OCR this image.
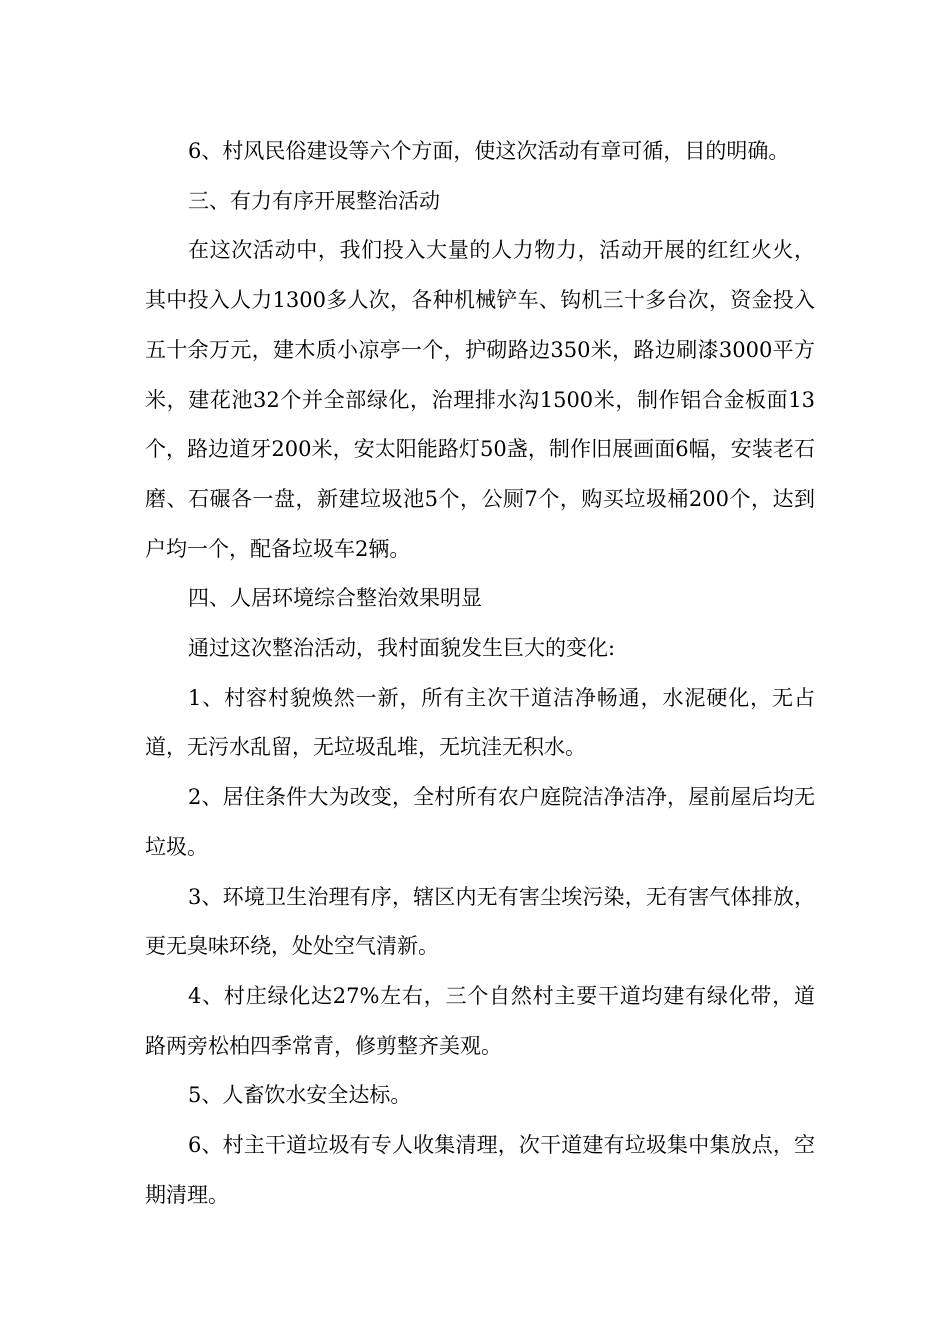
6、村风民俗建设等六个方面，使这次活动有章可循，目的明确。

三、有力有序开展整治活动

在这次活动中，我们投入大量的人力物力，活动开展的红红火火，其中投入人力1300多人次，各种机械铲车、钩机三十多台次，资金投入五十余万元，建木质小凉亭一个，护砌路边350米，路边刷漆3000平方米，建花池32个并全部绿化，治理排水沟1500米，制作铝合金板面13个，路边道牙200米，安太阳能路灯50盏，制作旧展画面6幅，安装老石磨、石碾各一盘，新建垃圾池5个，公厕7个，购买垃圾桶200个，达到户均一个，配备垃圾车2辆。

四、人居环境综合整治效果明显

通过这次整治活动，我村面貌发生巨大的变化:

1、村容村貌焕然一新，所有主次干道洁净畅通，水泥硬化，无占道，无污水乱留，无垃圾乱堆，无坑洼无积水。

2、居住条件大为改变，全村所有农户庭院洁净洁净，屋前屋后均无垃圾。

3、环境卫生治理有序，辖区内无有害尘埃污染，无有害气体排放，更无臭味环绕，处处空气清新。

4、村庄绿化达27%左右，三个自然村主要干道均建有绿化带，道路两旁松柏四季常青，修剪整齐美观。

5、人畜饮水安全达标。

6、村主干道垃圾有专人收集清理，次干道建有垃圾集中集放点，空期清理。
